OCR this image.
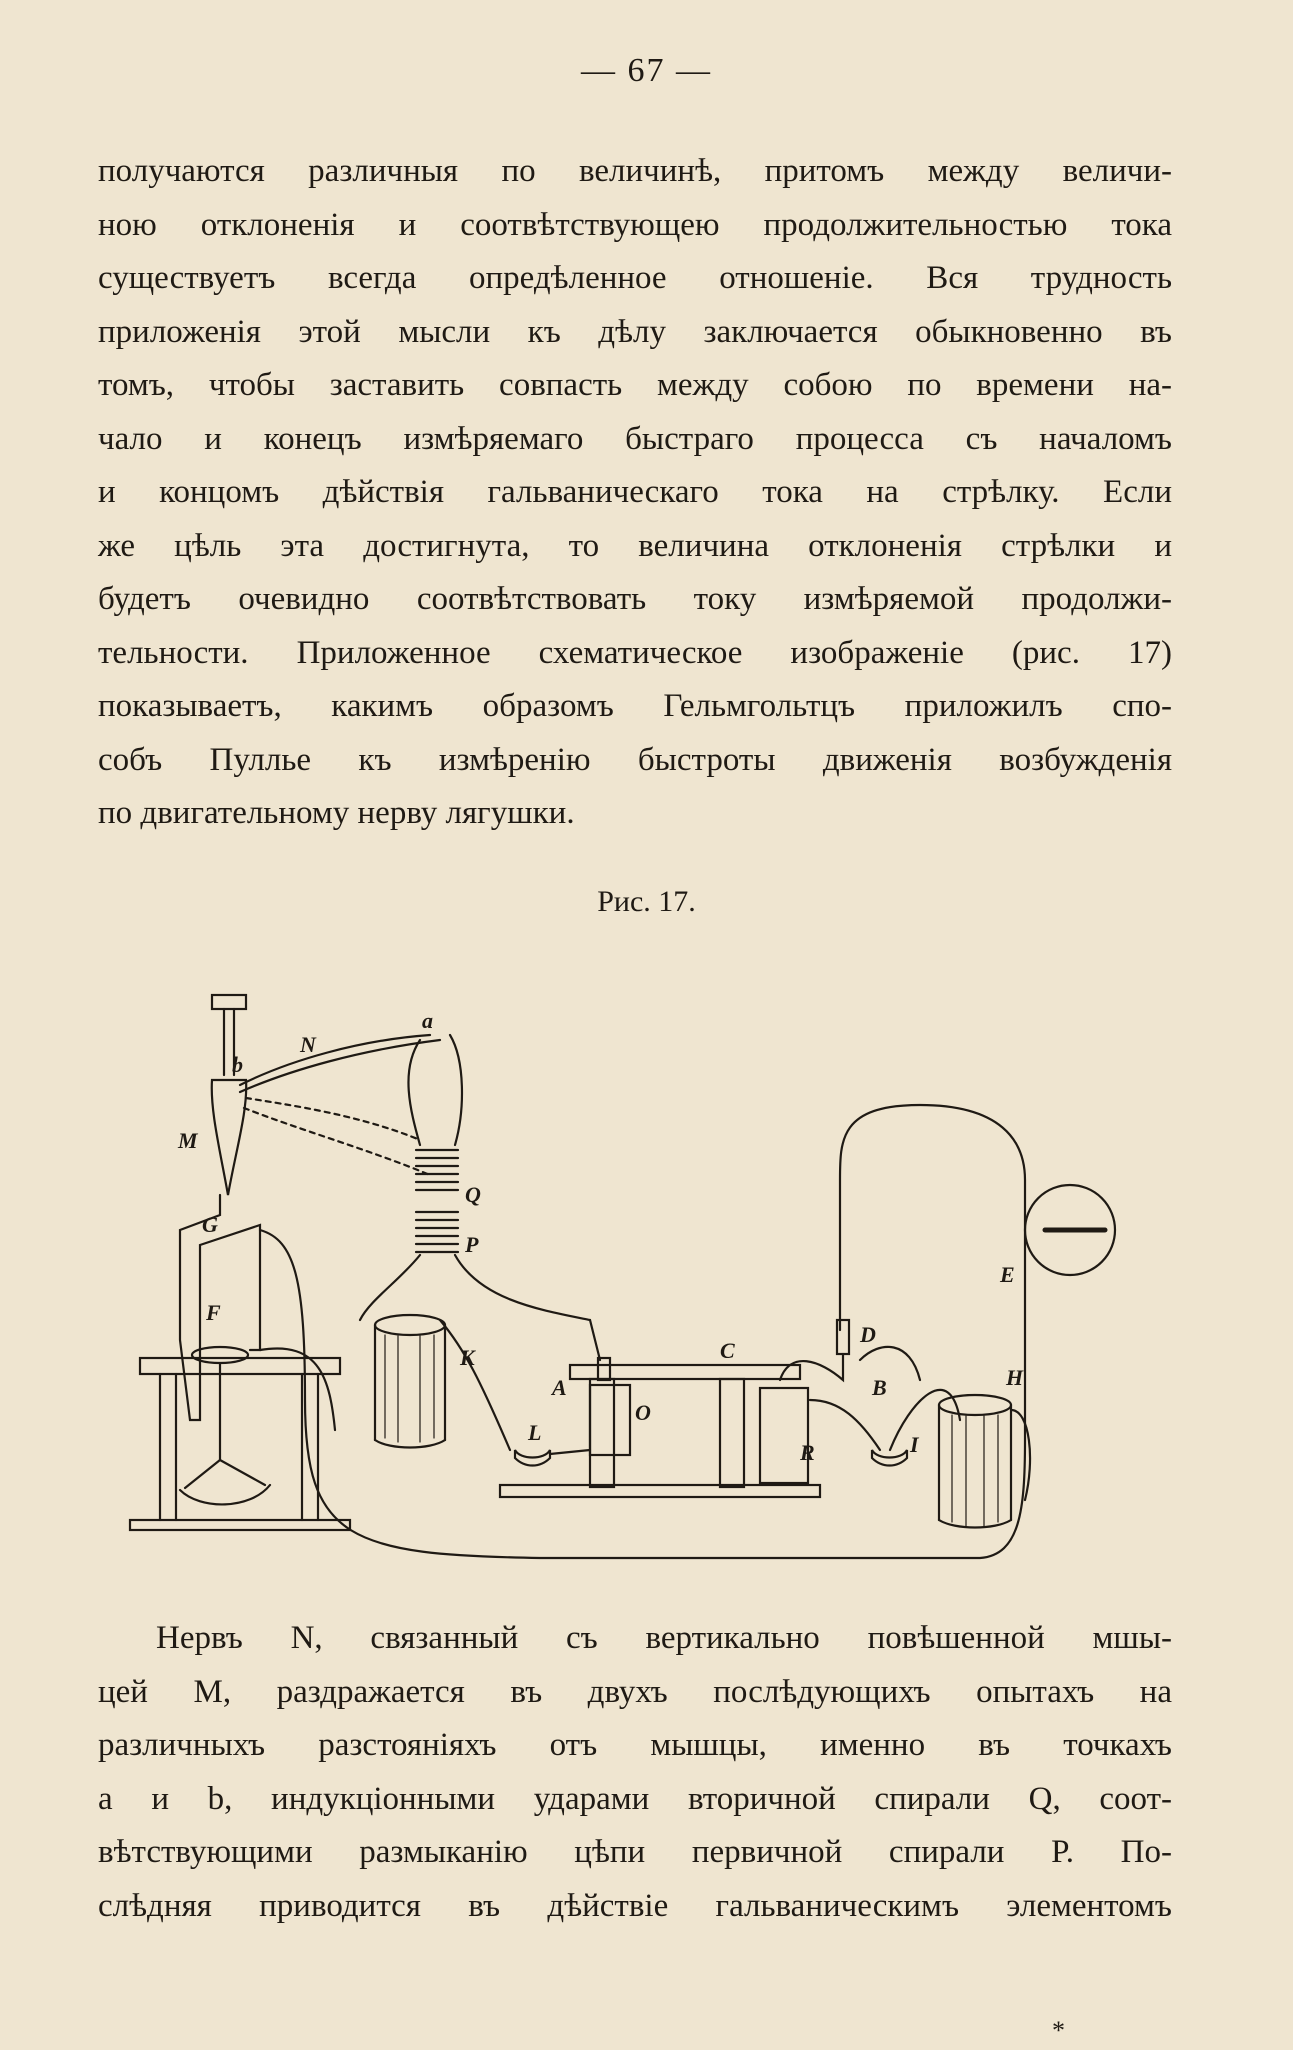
— 67 —
получаются различныя по величинѣ, притомъ между величи-
ною отклоненія и соотвѣтствующею продолжительностью тока
существуетъ всегда опредѣленное отношеніе. Вся трудность
приложенія этой мысли къ дѣлу заключается обыкновенно въ
томъ, чтобы заставить совпасть между собою по времени на-
чало и конецъ измѣряемаго быстраго процесса съ началомъ
и концомъ дѣйствія гальваническаго тока на стрѣлку. Если
же цѣль эта достигнута, то величина отклоненія стрѣлки и
будетъ очевидно соотвѣтствовать току измѣряемой продолжи-
тельности. Приложенное схематическое изображеніе (рис. 17)
показываетъ, какимъ образомъ Гельмгольтцъ приложилъ спо-
собъ Пуллье къ измѣренію быстроты движенія возбужденія
по двигательному нерву лягушки.
Рис. 17.
a
b
N
M
Q
P
G
F
K
A
O
C
L
R
D
B
I
H
E
Нервъ N, связанный съ вертикально повѣшенной мшы-
цей M, раздражается въ двухъ послѣдующихъ опытахъ на
различныхъ разстояніяхъ отъ мышцы, именно въ точкахъ
a и b, индукціонными ударами вторичной спирали Q, соот-
вѣтствующими размыканію цѣпи первичной спирали P. По-
слѣдняя приводится въ дѣйствіе гальваническимъ элементомъ
*
